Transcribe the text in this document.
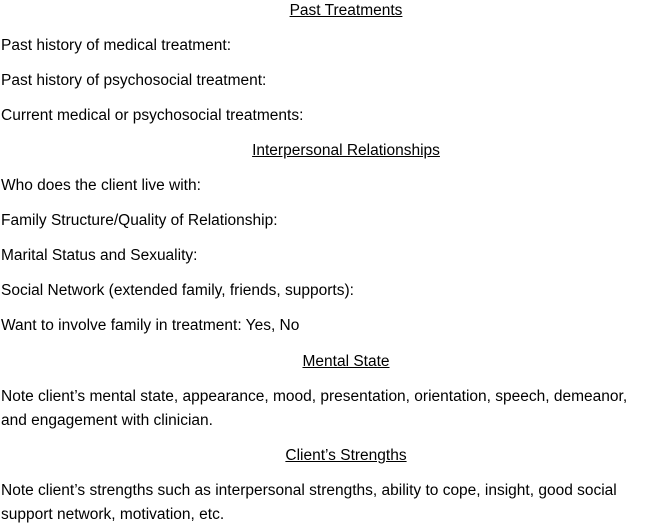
Past Treatments
Past history of medical treatment:
Past history of psychosocial treatment:
Current medical or psychosocial treatments:
Interpersonal Relationships
Who does the client live with:
Family Structure/Quality of Relationship:
Marital Status and Sexuality:
Social Network (extended family, friends, supports):
Want to involve family in treatment: Yes, No
Mental State
Note client’s mental state, appearance, mood, presentation, orientation, speech, demeanor,
and engagement with clinician.
Client’s Strengths
Note client’s strengths such as interpersonal strengths, ability to cope, insight, good social
support network, motivation, etc.
